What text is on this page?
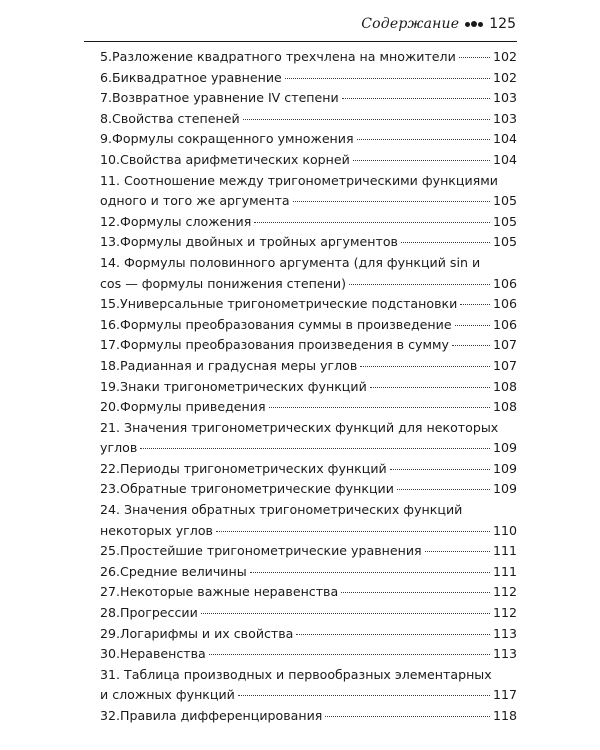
Содержание 125
5. Разложение квадратного трехчлена на множители	102
6. Биквадратное уравнение	102
7. Возвратное уравнение IV степени	103
8. Свойства степеней	103
9. Формулы сокращенного умножения	104
10. Свойства арифметических корней	104
11. Соотношение между тригонометрическими функциями
одного и того же аргумента	105
12. Формулы сложения	105
13. Формулы двойных и тройных аргументов	105
14. Формулы половинного аргумента (для функций sin и
cos — формулы понижения степени)	106
15. Универсальные тригонометрические подстановки	106
16. Формулы преобразования суммы в произведение	106
17. Формулы преобразования произведения в сумму	107
18. Радианная и градусная меры углов	107
19. Знаки тригонометрических функций	108
20. Формулы приведения	108
21. Значения тригонометрических функций для некоторых
углов	109
22. Периоды тригонометрических функций	109
23. Обратные тригонометрические функции	109
24. Значения обратных тригонометрических функций
некоторых углов	110
25. Простейшие тригонометрические уравнения	111
26. Средние величины	111
27. Некоторые важные неравенства	112
28. Прогрессии	112
29. Логарифмы и их свойства	113
30. Неравенства	113
31. Таблица производных и первообразных элементарных
и сложных функций	117
32. Правила дифференцирования	118
